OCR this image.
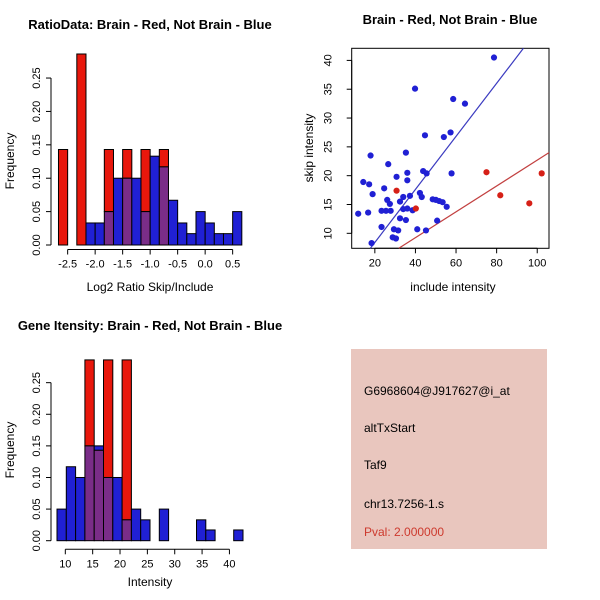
RatioData: Brain - Red, Not Brain - Blue
Frequency
Log2 Ratio Skip/Include
-2.5 -2.0 -1.5 -1.0 -0.5 0.0 0.5
0.00
0.05
0.10
0.15
0.20
0.25
Brain - Red, Not Brain - Blue
skip intensity
include intensity
20	40	60	80 100
10
15
20
25
30
35
40
Gene Itensity: Brain - Red, Not Brain - Blue
Frequency
Intensity
10 15 20 25 30 35 40
0.00
0.05
0.10
0.15
0.20
0.25	G6968604@J917627@i_at
altTxStart
Taf9
chr13.7256-1.s
Pval: 2.000000
